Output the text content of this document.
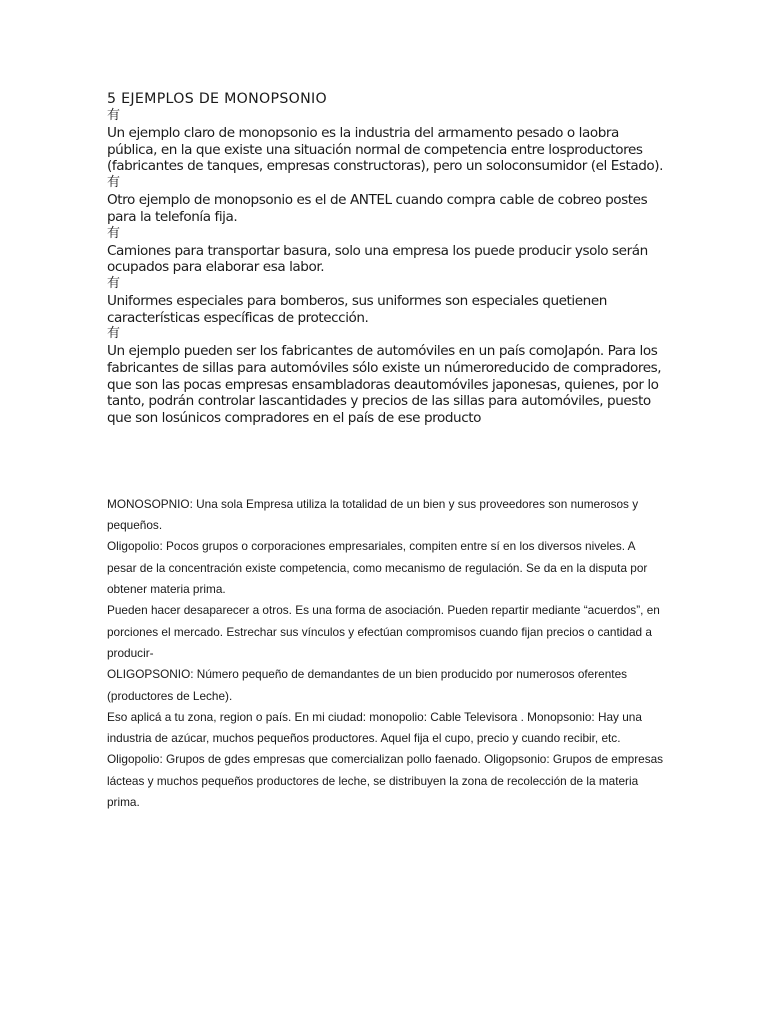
5 EJEMPLOS DE MONOPSONIO
有

Un ejemplo claro de monopsonio es la industria del armamento pesado o laobra pública, en la que existe una situación normal de competencia entre losproductores (fabricantes de tanques, empresas constructoras), pero un soloconsumidor (el Estado).

有

Otro ejemplo de monopsonio es el de ANTEL cuando compra cable de cobreo postes para la telefonía fija.

有

Camiones para transportar basura, solo una empresa los puede producir ysolo serán ocupados para elaborar esa labor.

有

Uniformes especiales para bomberos, sus uniformes son especiales quetienen características específicas de protección.

有

Un ejemplo pueden ser los fabricantes de automóviles en un país comoJapón. Para los fabricantes de sillas para automóviles sólo existe un númeroreducido de compradores, que son las pocas empresas ensambladoras deautomóviles japonesas, quienes, por lo tanto, podrán controlar lascantidades y precios de las sillas para automóviles, puesto que son losúnicos compradores en el país de ese producto

MONOSOPNIO: Una sola Empresa utiliza la totalidad de un bien y sus proveedores son numerosos y pequeños.

Oligopolio: Pocos grupos o corporaciones empresariales, compiten entre sí en los diversos niveles. A pesar de la concentración existe competencia, como mecanismo de regulación. Se da en la disputa por obtener materia prima.

Pueden hacer desaparecer a otros. Es una forma de asociación. Pueden repartir mediante “acuerdos”, en porciones el mercado. Estrechar sus vínculos y efectúan compromisos cuando fijan precios o cantidad a producir-

OLIGOPSONIO: Número pequeño de demandantes de un bien producido por numerosos oferentes (productores de Leche).

Eso aplicá a tu zona, region o país. En mi ciudad: monopolio: Cable Televisora . Monopsonio: Hay una industria de azúcar, muchos pequeños productores. Aquel fija el cupo, precio y cuando recibir, etc. Oligopolio: Grupos de gdes empresas que comercializan pollo faenado. Oligopsonio: Grupos de empresas lácteas y muchos pequeños productores de leche, se distribuyen la zona de recolección de la materia prima.
